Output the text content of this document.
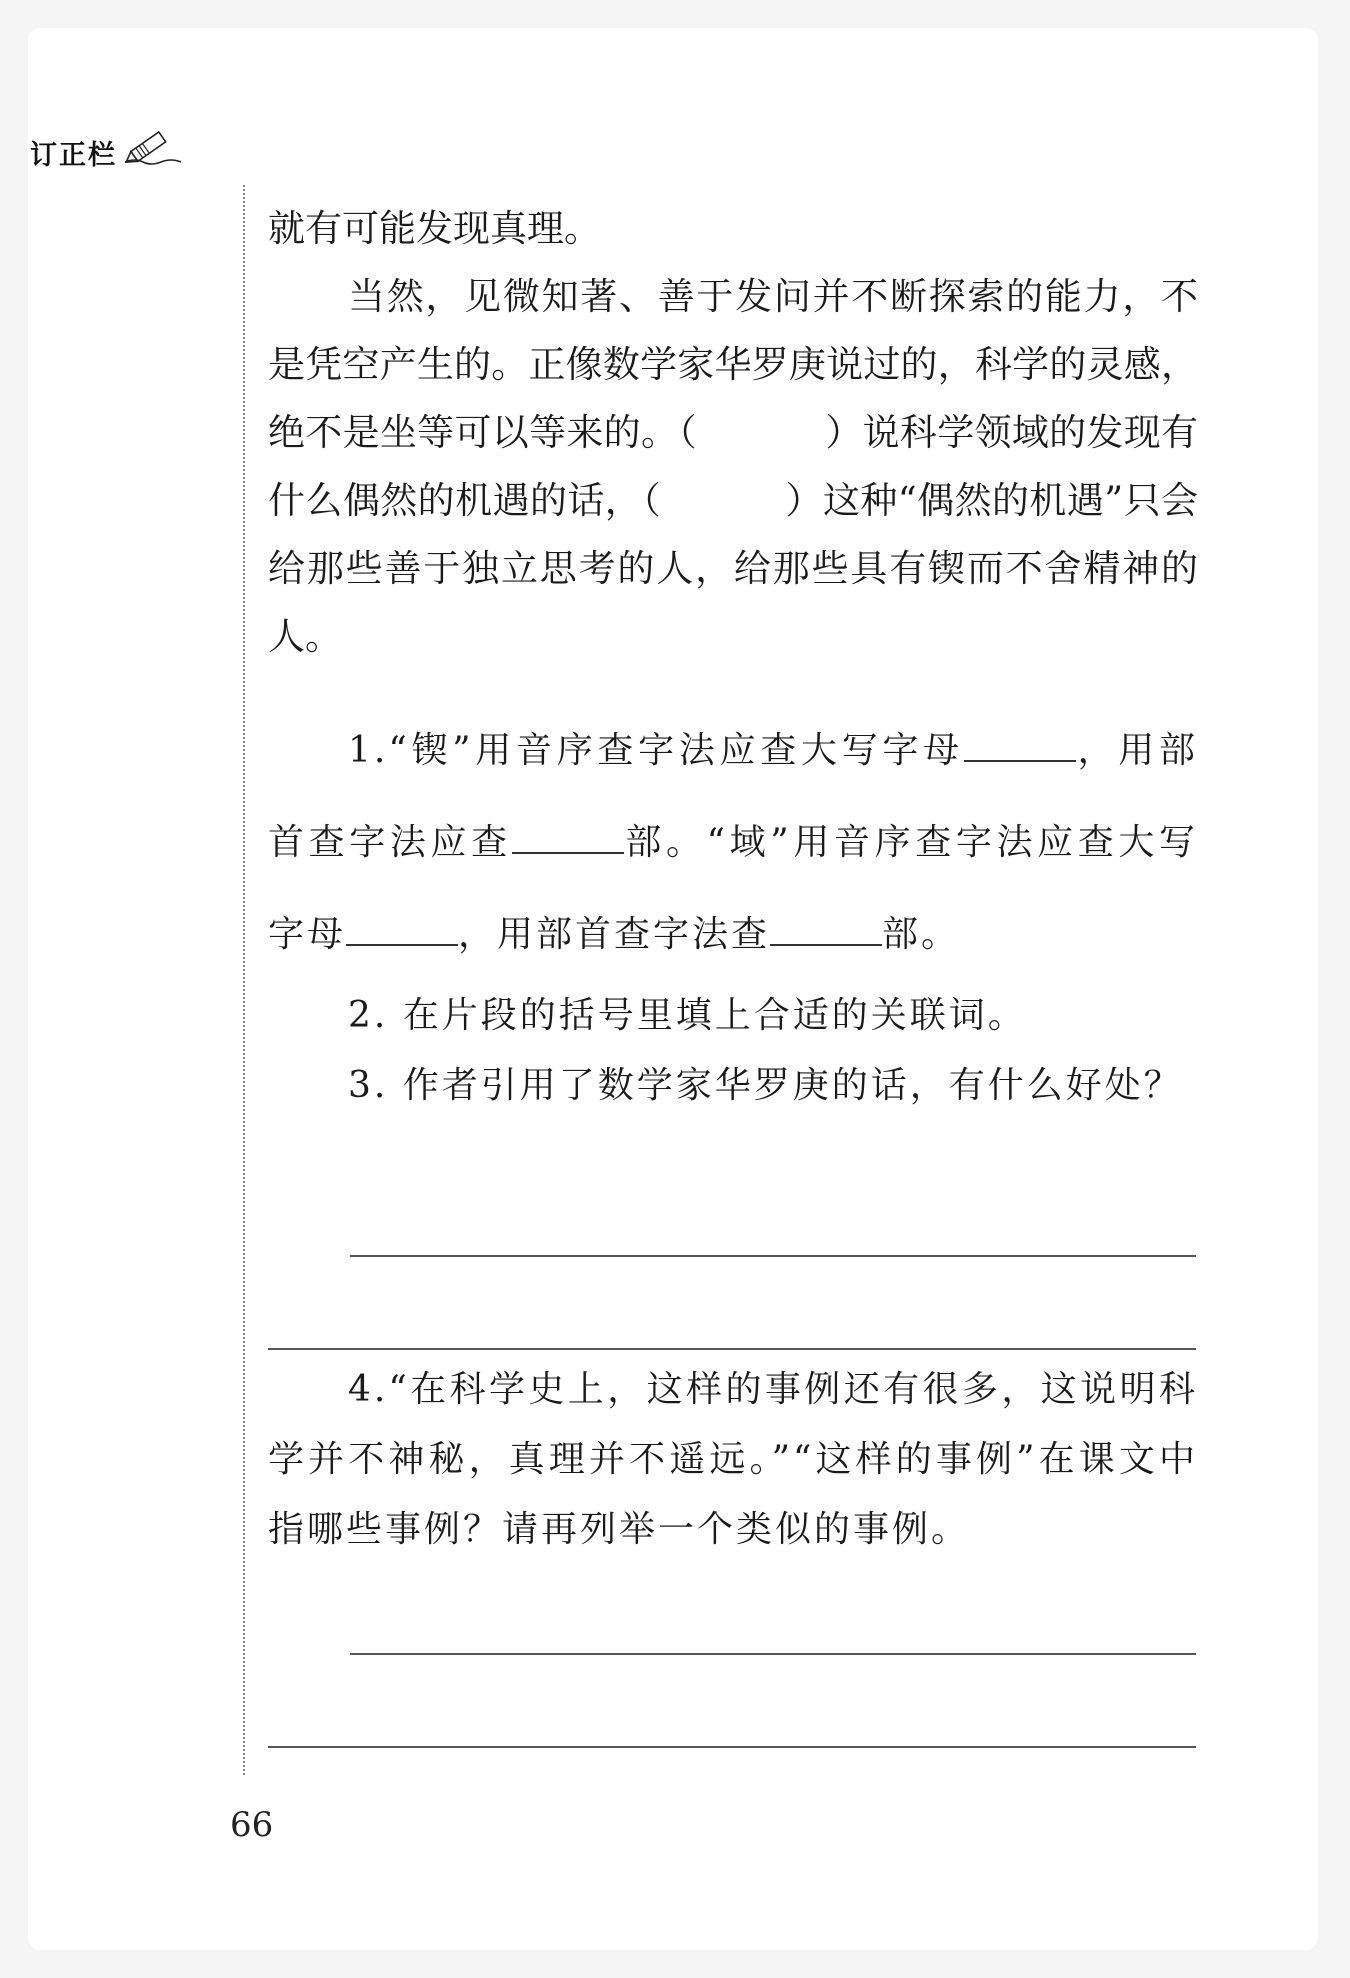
订正栏

就有可能发现真理。

当然，见微知著、善于发问并不断探索的能力，不是凭空产生的。正像数学家华罗庚说过的，科学的灵感，绝不是坐等可以等来的。（	）说科学领域的发现有什么偶然的机遇的话，（	）这种“偶然的机遇”只会给那些善于独立思考的人，给那些具有锲而不舍精神的人。

1.“锲”用音序查字法应查大写字母	，用部首查字法应查	部。“域”用音序查字法应查大写字母	，用部首查字法查	部。

2. 在片段的括号里填上合适的关联词。

3. 作者引用了数学家华罗庚的话，有什么好处？

4.“在科学史上，这样的事例还有很多，这说明科学并不神秘，真理并不遥远。”“这样的事例”在课文中指哪些事例？请再列举一个类似的事例。

66
